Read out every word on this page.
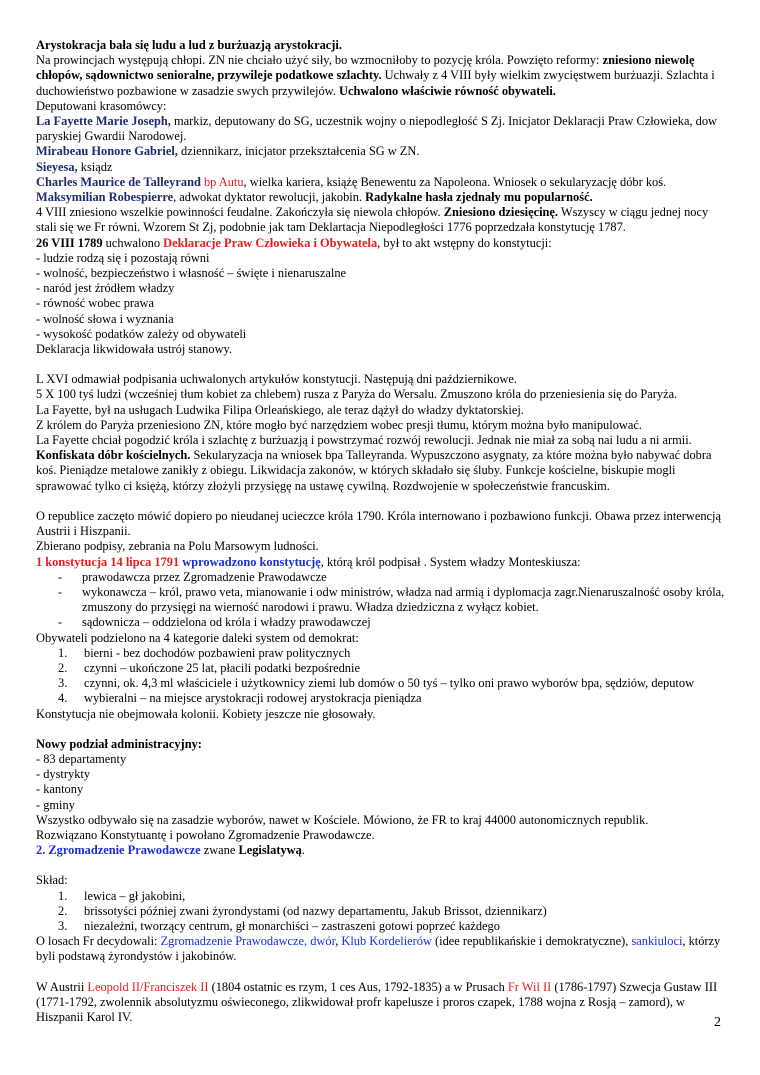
Arystokracja bała się ludu a lud z burżuazją arystokracji.
Na prowincjach występują chłopi. ZN nie chciało użyć siły, bo wzmocniłoby to pozycję króla. Powzięto reformy: zniesiono niewolę chłopów, sądownictwo senioralne, przywileje podatkowe szlachty. Uchwały z 4 VIII były wielkim zwycięstwem burżuazji. Szlachta i duchowieństwo pozbawione w zasadzie swych przywilejów. Uchwalono właściwie równość obywateli.

Deputowani krasomówcy:

La Fayette Marie Joseph, markiz, deputowany do SG, uczestnik wojny o niepodległość S Zj. Inicjator Deklaracji Praw Człowieka, dow paryskiej Gwardii Narodowej.

Mirabeau Honore Gabriel, dziennikarz, inicjator przekształcenia SG w ZN.

Sieyesa, ksiądz

Charles Maurice de Talleyrand bp Autu, wielka kariera, książę Benewentu za Napoleona. Wniosek o sekularyzację dóbr koś.

Maksymilian Robespierre, adwokat dyktator rewolucji, jakobin. Radykalne hasła zjednały mu popularność.

4 VIII zniesiono wszelkie powinności feudalne. Zakończyła się niewola chłopów. Zniesiono dziesięcinę. Wszyscy w ciągu jednej nocy stali się we Fr równi. Wzorem St Zj, podobnie jak tam Deklartacja Niepodległości 1776 poprzedzała konstytucję 1787.

26 VIII 1789 uchwalono Deklaracje Praw Człowieka i Obywatela, był to akt wstępny do konstytucji:

- ludzie rodzą się i pozostają równi

- wolność, bezpieczeństwo i własność – święte i nienaruszalne

- naród jest źródłem władzy

- równość wobec prawa

- wolność słowa i wyznania

- wysokość podatków zależy od obywateli

Deklaracja likwidowała ustrój stanowy.

L XVI odmawiał podpisania uchwalonych artykułów konstytucji. Następują dni październikowe.

5 X 100 tyś ludzi (wcześniej tłum kobiet za chlebem) rusza z Paryża do Wersalu. Zmuszono króla do przeniesienia się do Paryża.

La Fayette, był na usługach Ludwika Filipa Orleańskiego, ale teraz dążył do władzy dyktatorskiej.

Z królem do Paryża przeniesiono ZN, które mogło być narzędziem wobec presji tłumu, którym można było manipulować.

La Fayette chciał pogodzić króla i szlachtę z burżuazją i powstrzymać rozwój rewolucji. Jednak nie miał za sobą nai ludu a ni armii.

Konfiskata dóbr kościelnych. Sekularyzacja na wniosek bpa Talleyranda. Wypuszczono asygnaty, za które można było nabywać dobra koś. Pieniądze metalowe zanikły z obiegu. Likwidacja zakonów, w których składało się śluby. Funkcje kościelne, biskupie mogli sprawować tylko ci księżą, którzy złożyli przysięgę na ustawę cywilną. Rozdwojenie w społeczeństwie francuskim.

O republice zaczęto mówić dopiero po nieudanej ucieczce króla 1790. Króla internowano i pozbawiono funkcji. Obawa przez interwencją Austrii i Hiszpanii.

Zbierano podpisy, zebrania na Polu Marsowym ludności.

1 konstytucja 14 lipca 1791 wprowadzono konstytucję, którą król podpisał . System władzy Monteskiusza:

- prawodawcza przez Zgromadzenie Prawodawcze
- wykonawcza – król, prawo veta, mianowanie i odw ministrów, władza nad armią i dyplomacja zagr.Nienaruszalność osoby króla, zmuszony do przysięgi na wierność narodowi i prawu. Władza dziedziczna z wyłącz kobiet.
- sądownicza – oddzielona od króla i władzy prawodawczej

Obywateli podzielono na 4 kategorie daleki system od demokrat:

1. bierni - bez dochodów pozbawieni praw politycznych
2. czynni – ukończone 25 lat, płacili podatki bezpośrednie
3. czynni, ok. 4,3 ml właściciele i użytkownicy ziemi lub domów o 50 tyś – tylko oni prawo wyborów bpa, sędziów, deputow
4. wybieralni – na miejsce arystokracji rodowej arystokracja pieniądza

Konstytucja nie obejmowała kolonii. Kobiety jeszcze nie głosowały.

Nowy podział administracyjny:

- 83 departamenty

- dystrykty

- kantony

- gminy

Wszystko odbywało się na zasadzie wyborów, nawet w Kościele. Mówiono, że FR to kraj 44000 autonomicznych republik.

Rozwiązano Konstytuantę i powołano Zgromadzenie Prawodawcze.

2. Zgromadzenie Prawodawcze zwane Legislatywą.

Skład:

1. lewica – gł jakobini,
2. brissotyści później zwani żyrondystami (od nazwy departamentu, Jakub Brissot, dziennikarz)
3. niezależni, tworzący centrum, gł monarchiści – zastraszeni gotowi poprzeć każdego

O losach Fr decydowali: Zgromadzenie Prawodawcze, dwór, Klub Kordelierów (idee republikańskie i demokratyczne), sankiuloci, którzy byli podstawą żyrondystów i jakobinów.

W Austrii Leopold II/Franciszek II (1804 ostatnic es rzym, 1 ces Aus, 1792-1835) a w Prusach Fr Wil II (1786-1797) Szwecja Gustaw III (1771-1792, zwolennik absolutyzmu oświeconego, zlikwidował profr kapelusze i proros czapek, 1788 wojna z Rosją – zamord), w Hiszpanii Karol IV.	2
